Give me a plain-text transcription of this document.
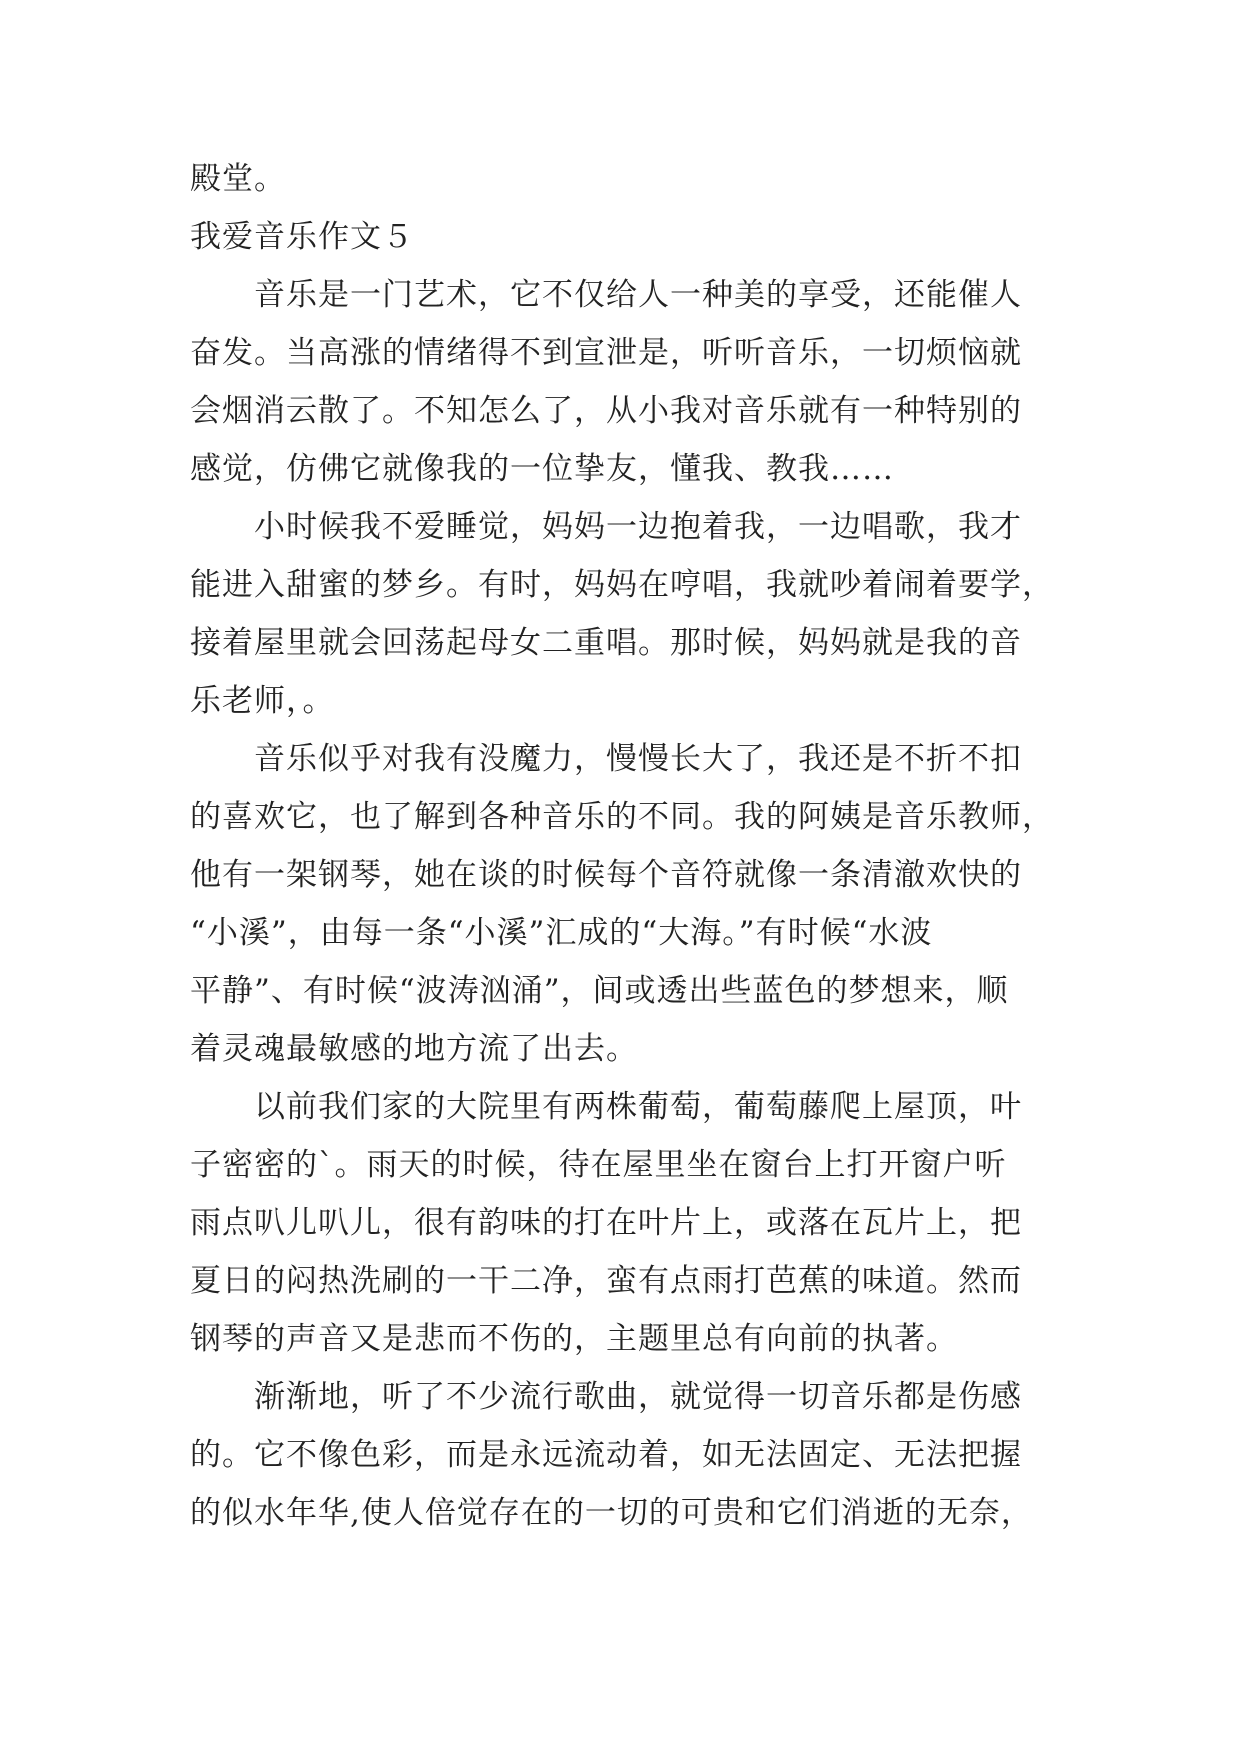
殿堂。
我爱音乐作文５
音乐是一门艺术，它不仅给人一种美的享受，还能催人
奋发。当高涨的情绪得不到宣泄是，听听音乐，一切烦恼就
会烟消云散了。不知怎么了，从小我对音乐就有一种特别的
感觉，仿佛它就像我的一位挚友，懂我、教我……
小时候我不爱睡觉，妈妈一边抱着我，一边唱歌，我才
能进入甜蜜的梦乡。有时，妈妈在哼唱，我就吵着闹着要学，
接着屋里就会回荡起母女二重唱。那时候，妈妈就是我的音
乐老师，。
音乐似乎对我有没魔力，慢慢长大了，我还是不折不扣
的喜欢它，也了解到各种音乐的不同。我的阿姨是音乐教师，
他有一架钢琴，她在谈的时候每个音符就像一条清澈欢快的
“小溪”，由每一条“小溪”汇成的“大海。”有时候“水波
平静”、有时候“波涛汹涌”，间或透出些蓝色的梦想来，顺
着灵魂最敏感的地方流了出去。
以前我们家的大院里有两株葡萄，葡萄藤爬上屋顶，叶
子密密的`。雨天的时候，待在屋里坐在窗台上打开窗户听
雨点叭儿叭儿，很有韵味的打在叶片上，或落在瓦片上，把
夏日的闷热洗刷的一干二净，蛮有点雨打芭蕉的味道。然而
钢琴的声音又是悲而不伤的，主题里总有向前的执著。
渐渐地，听了不少流行歌曲，就觉得一切音乐都是伤感
的。它不像色彩，而是永远流动着，如无法固定、无法把握
的似水年华,使人倍觉存在的一切的可贵和它们消逝的无奈，
